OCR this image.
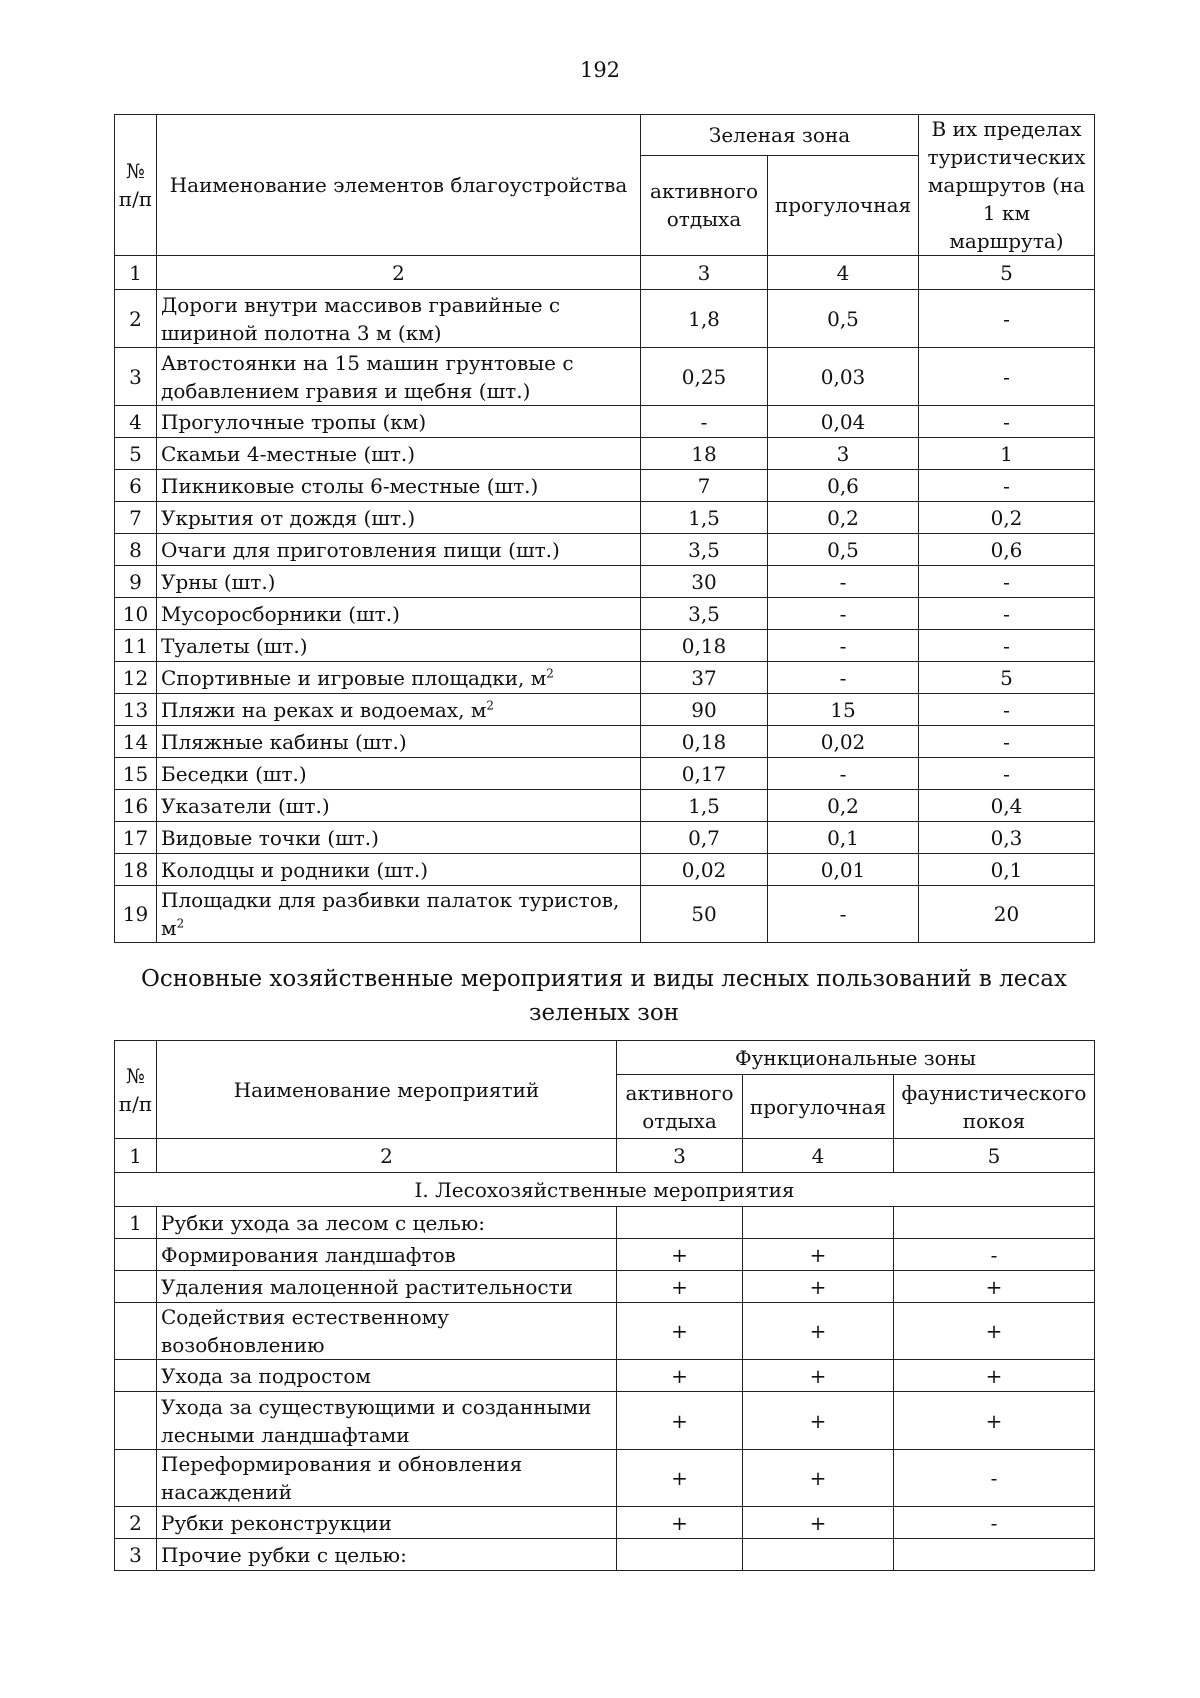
192
№ п/п	Наименование элементов благоустройства	Зеленая зона		В их пределах туристических маршрутов (на 1 км маршрута)
		активного отдыха	прогулочная	
1	2	3	4	5
2	Дороги внутри массивов гравийные с шириной полотна 3 м (км)	1,8	0,5	-
3	Автостоянки на 15 машин грунтовые с добавлением гравия и щебня (шт.)	0,25	0,03	-
4	Прогулочные тропы (км)	-	0,04	-
5	Скамьи 4-местные (шт.)	18	3	1
6	Пикниковые столы 6-местные (шт.)	7	0,6	-
7	Укрытия от дождя (шт.)	1,5	0,2	0,2
8	Очаги для приготовления пищи (шт.)	3,5	0,5	0,6
9	Урны (шт.)	30	-	-
10	Мусоросборники (шт.)	3,5	-	-
11	Туалеты (шт.)	0,18	-	-
12	Спортивные и игровые площадки, $м^2$	37	-	5
13	Пляжи на реках и водоемах, $м^2$	90	15	-
14	Пляжные кабины (шт.)	0,18	0,02	-
15	Беседки (шт.)	0,17	-	-
16	Указатели (шт.)	1,5	0,2	0,4
17	Видовые точки (шт.)	0,7	0,1	0,3
18	Колодцы и родники (шт.)	0,02	0,01	0,1
19	Площадки для разбивки палаток туристов, $м^2$	50	-	20
Основные хозяйственные мероприятия и виды лесных пользований в лесах зеленых зон
№ п/п	Наименование мероприятий	Функциональные зоны		
		активного отдыха	прогулочная	фаунистического покоя
1	2	3	4	5
I. Лесохозяйственные мероприятия				
1	Рубки ухода за лесом с целью:			
	Формирования ландшафтов	+	+	-
	Удаления малоценной растительности	+	+	+
	Содействия естественному возобновлению	+	+	+
	Ухода за подростом	+	+	+
	Ухода за существующими и созданными лесными ландшафтами	+	+	+
	Переформирования и обновления насаждений	+	+	-
2	Рубки реконструкции	+	+	-
3	Прочие рубки с целью:			
